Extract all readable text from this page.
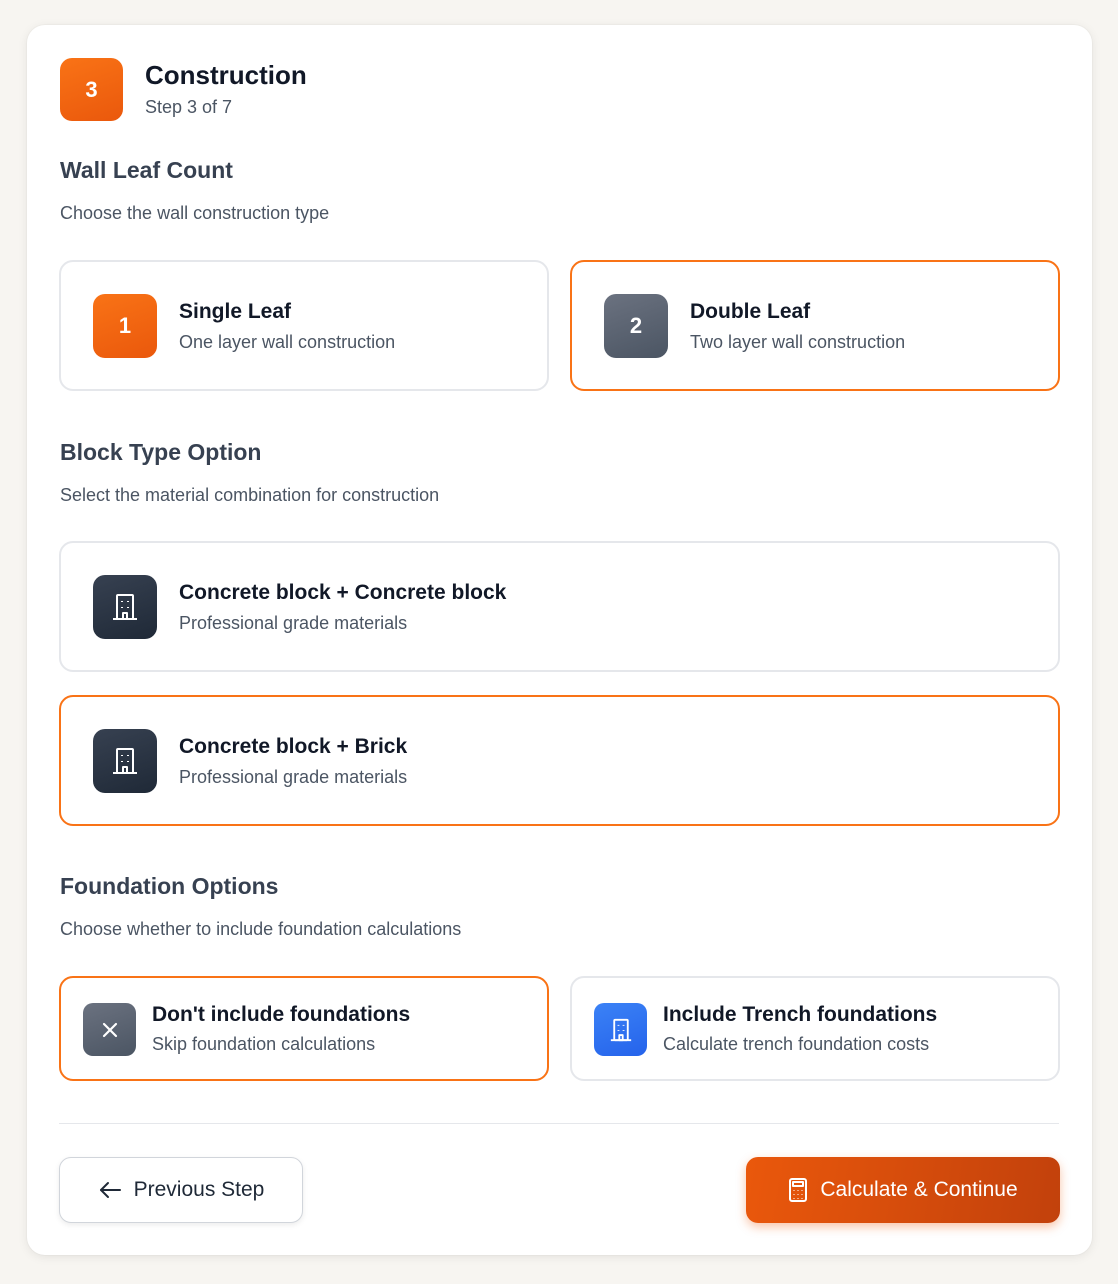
3	Construction
Step 3 of 7
Wall Leaf Count
Choose the wall construction type
1
Single Leaf
One layer wall construction
2
Double Leaf
Two layer wall construction
Block Type Option
Select the material combination for construction
Concrete block + Concrete block
Professional grade materials
Concrete block + Brick
Professional grade materials
Foundation Options
Choose whether to include foundation calculations
Don't include foundations
Skip foundation calculations
Include Trench foundations
Calculate trench foundation costs
Previous Step	Calculate & Continue
